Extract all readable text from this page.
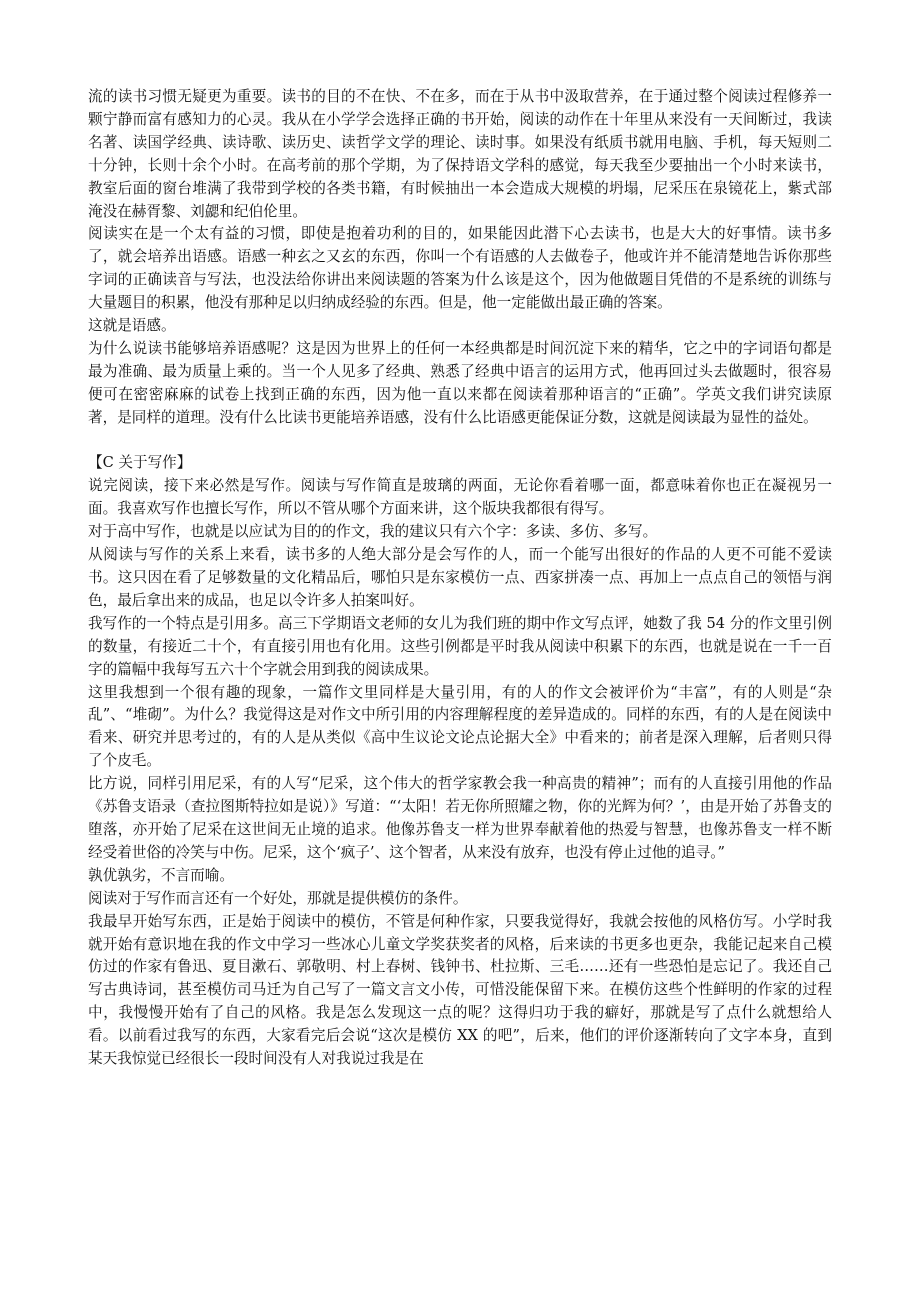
流的读书习惯无疑更为重要。读书的目的不在快、不在多，而在于从书中汲取营养，在于通过整个阅读过程修养一颗宁静而富有感知力的心灵。我从在小学学会选择正确的书开始，阅读的动作在十年里从来没有一天间断过，我读名著、读国学经典、读诗歌、读历史、读哲学文学的理论、读时事。如果没有纸质书就用电脑、手机，每天短则二十分钟，长则十余个小时。在高考前的那个学期，为了保持语文学科的感觉，每天我至少要抽出一个小时来读书，教室后面的窗台堆满了我带到学校的各类书籍，有时候抽出一本会造成大规模的坍塌，尼采压在泉镜花上，紫式部淹没在赫胥黎、刘勰和纪伯伦里。

阅读实在是一个太有益的习惯，即使是抱着功利的目的，如果能因此潜下心去读书，也是大大的好事情。读书多了，就会培养出语感。语感一种玄之又玄的东西，你叫一个有语感的人去做卷子，他或许并不能清楚地告诉你那些字词的正确读音与写法，也没法给你讲出来阅读题的答案为什么该是这个，因为他做题目凭借的不是系统的训练与大量题目的积累，他没有那种足以归纳成经验的东西。但是，他一定能做出最正确的答案。

这就是语感。

为什么说读书能够培养语感呢？这是因为世界上的任何一本经典都是时间沉淀下来的精华，它之中的字词语句都是最为准确、最为质量上乘的。当一个人见多了经典、熟悉了经典中语言的运用方式，他再回过头去做题时，很容易便可在密密麻麻的试卷上找到正确的东西，因为他一直以来都在阅读着那种语言的“正确”。学英文我们讲究读原著，是同样的道理。没有什么比读书更能培养语感，没有什么比语感更能保证分数，这就是阅读最为显性的益处。

【C 关于写作】

说完阅读，接下来必然是写作。阅读与写作简直是玻璃的两面，无论你看着哪一面，都意味着你也正在凝视另一面。我喜欢写作也擅长写作，所以不管从哪个方面来讲，这个版块我都很有得写。

对于高中写作，也就是以应试为目的的作文，我的建议只有六个字：多读、多仿、多写。

从阅读与写作的关系上来看，读书多的人绝大部分是会写作的人，而一个能写出很好的作品的人更不可能不爱读书。这只因在看了足够数量的文化精品后，哪怕只是东家模仿一点、西家拼凑一点、再加上一点点自己的领悟与润色，最后拿出来的成品，也足以令许多人拍案叫好。

我写作的一个特点是引用多。高三下学期语文老师的女儿为我们班的期中作文写点评，她数了我 54 分的作文里引例的数量，有接近二十个，有直接引用也有化用。这些引例都是平时我从阅读中积累下的东西，也就是说在一千一百字的篇幅中我每写五六十个字就会用到我的阅读成果。

这里我想到一个很有趣的现象，一篇作文里同样是大量引用，有的人的作文会被评价为“丰富”，有的人则是“杂乱”、“堆砌”。为什么？我觉得这是对作文中所引用的内容理解程度的差异造成的。同样的东西，有的人是在阅读中看来、研究并思考过的，有的人是从类似《高中生议论文论点论据大全》中看来的；前者是深入理解，后者则只得了个皮毛。

比方说，同样引用尼采，有的人写“尼采，这个伟大的哲学家教会我一种高贵的精神”；而有的人直接引用他的作品《苏鲁支语录（查拉图斯特拉如是说）》写道：“‘太阳！若无你所照耀之物，你的光辉为何？’，由是开始了苏鲁支的堕落，亦开始了尼采在这世间无止境的追求。他像苏鲁支一样为世界奉献着他的热爱与智慧，也像苏鲁支一样不断经受着世俗的冷笑与中伤。尼采，这个‘疯子’、这个智者，从来没有放弃，也没有停止过他的追寻。”

孰优孰劣，不言而喻。

阅读对于写作而言还有一个好处，那就是提供模仿的条件。

我最早开始写东西，正是始于阅读中的模仿，不管是何种作家，只要我觉得好，我就会按他的风格仿写。小学时我就开始有意识地在我的作文中学习一些冰心儿童文学奖获奖者的风格，后来读的书更多也更杂，我能记起来自己模仿过的作家有鲁迅、夏目漱石、郭敬明、村上春树、钱钟书、杜拉斯、三毛……还有一些恐怕是忘记了。我还自己写古典诗词，甚至模仿司马迁为自己写了一篇文言文小传，可惜没能保留下来。在模仿这些个性鲜明的作家的过程中，我慢慢开始有了自己的风格。我是怎么发现这一点的呢？这得归功于我的癖好，那就是写了点什么就想给人看。以前看过我写的东西，大家看完后会说“这次是模仿 XX 的吧”，后来，他们的评价逐渐转向了文字本身，直到某天我惊觉已经很长一段时间没有人对我说过我是在
